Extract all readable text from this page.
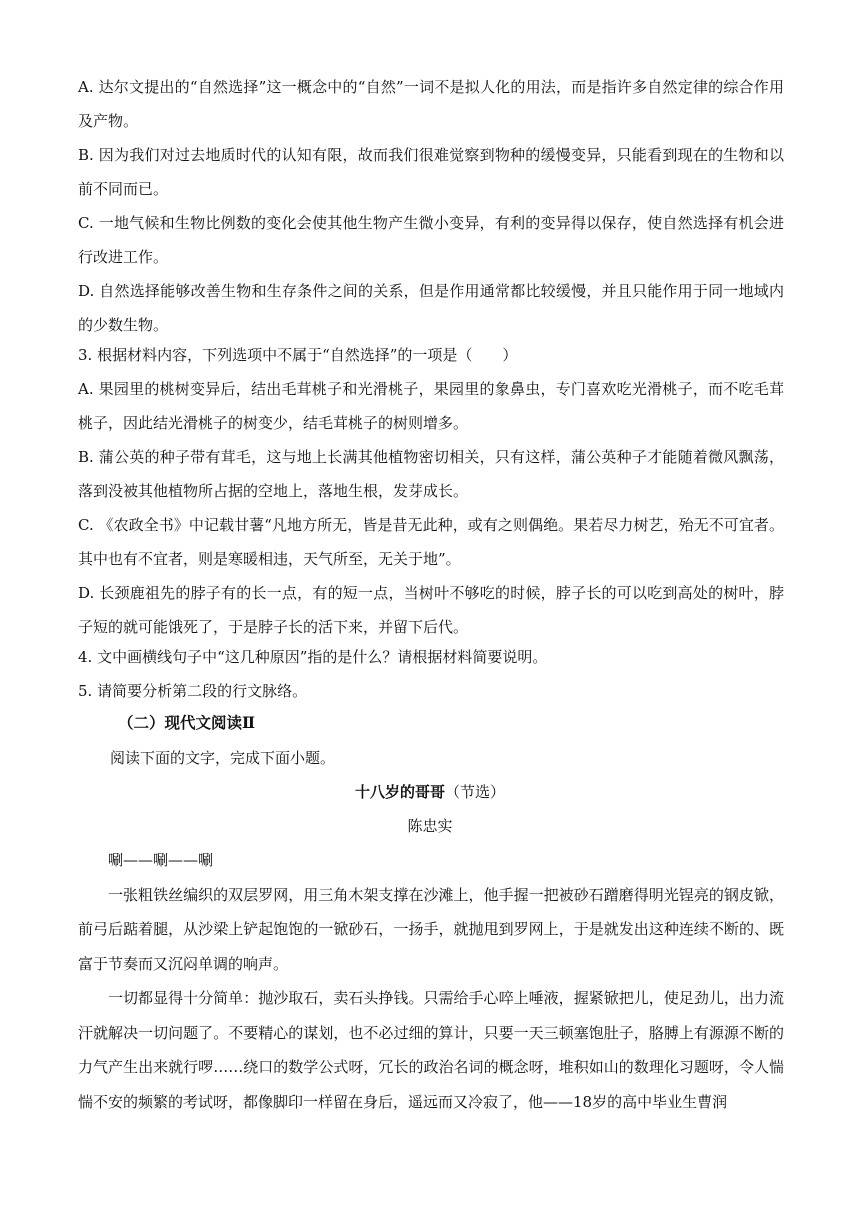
A. 达尔文提出的“自然选择”这一概念中的“自然”一词不是拟人化的用法，而是指许多自然定律的综合作用及产物。

B. 因为我们对过去地质时代的认知有限，故而我们很难觉察到物种的缓慢变异，只能看到现在的生物和以前不同而已。

C. 一地气候和生物比例数的变化会使其他生物产生微小变异，有利的变异得以保存，使自然选择有机会进行改进工作。

D. 自然选择能够改善生物和生存条件之间的关系，但是作用通常都比较缓慢，并且只能作用于同一地域内的少数生物。

3. 根据材料内容，下列选项中不属于“自然选择”的一项是（　　）

A. 果园里的桃树变异后，结出毛茸桃子和光滑桃子，果园里的象鼻虫，专门喜欢吃光滑桃子，而不吃毛茸桃子，因此结光滑桃子的树变少，结毛茸桃子的树则增多。

B. 蒲公英的种子带有茸毛，这与地上长满其他植物密切相关，只有这样，蒲公英种子才能随着微风飘荡，落到没被其他植物所占据的空地上，落地生根，发芽成长。

C. 《农政全书》中记载甘薯“凡地方所无，皆是昔无此种，或有之则偶绝。果若尽力树艺，殆无不可宜者。其中也有不宜者，则是寒暖相违，天气所至，无关于地”。

D. 长颈鹿祖先的脖子有的长一点，有的短一点，当树叶不够吃的时候，脖子长的可以吃到高处的树叶，脖子短的就可能饿死了，于是脖子长的活下来，并留下后代。

4. 文中画横线句子中“这几种原因”指的是什么？请根据材料简要说明。

5. 请简要分析第二段的行文脉络。

（二）现代文阅读Ⅱ

阅读下面的文字，完成下面小题。

十八岁的哥哥（节选）

陈忠实

唰——唰——唰

一张粗铁丝编织的双层罗网，用三角木架支撑在沙滩上，他手握一把被砂石蹭磨得明光锃亮的钢皮锨，前弓后踮着腿，从沙梁上铲起饱饱的一锨砂石，一扬手，就抛甩到罗网上，于是就发出这种连续不断的、既富于节奏而又沉闷单调的响声。

一切都显得十分简单：抛沙取石，卖石头挣钱。只需给手心啐上唾液，握紧锨把儿，使足劲儿，出力流汗就解决一切问题了。不要精心的谋划，也不必过细的算计，只要一天三顿塞饱肚子，胳膊上有源源不断的力气产生出来就行啰……绕口的数学公式呀，冗长的政治名词的概念呀，堆积如山的数理化习题呀，令人惴惴不安的频繁的考试呀，都像脚印一样留在身后，遥远而又冷寂了，他——18岁的高中毕业生曹润
